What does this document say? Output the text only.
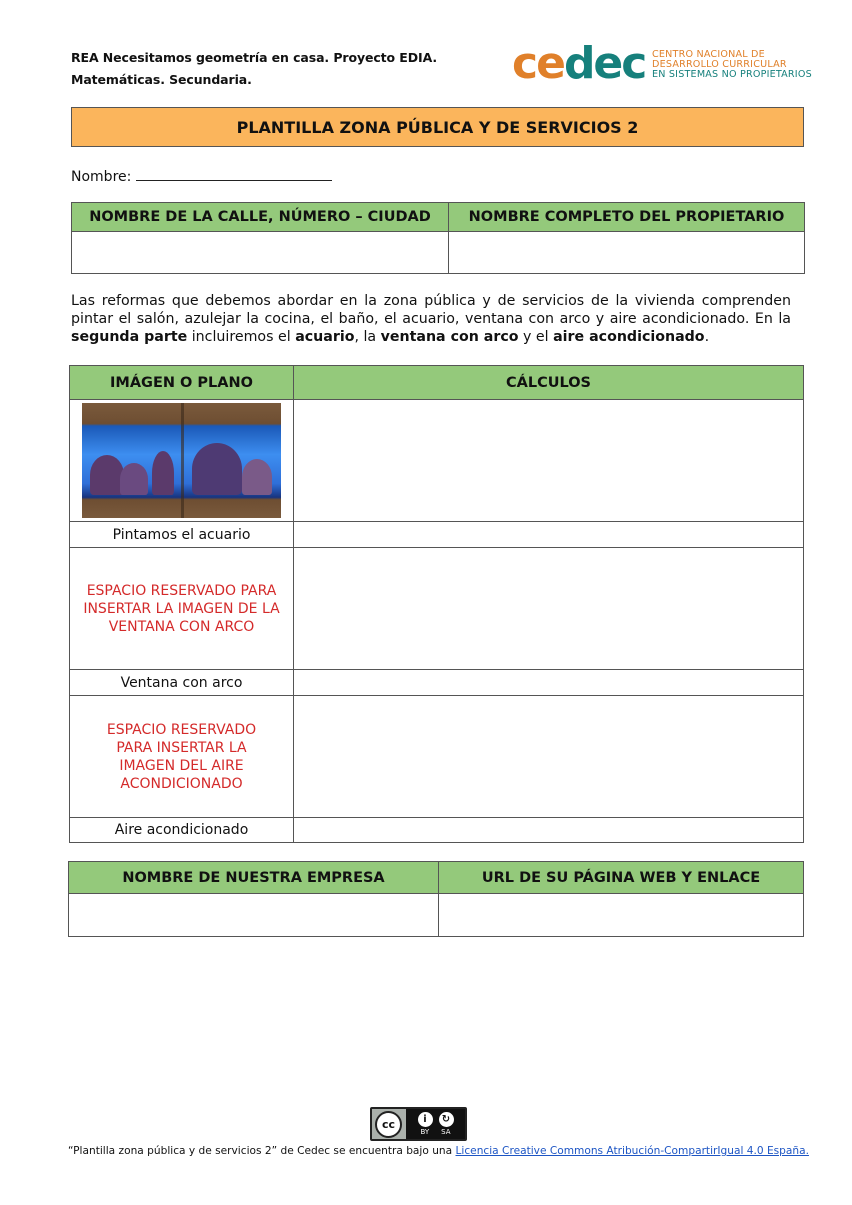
REA Necesitamos geometría en casa. Proyecto EDIA.
Matemáticas. Secundaria.	cedec CENTRO NACIONAL DE
DESARROLLO CURRICULAR
EN SISTEMAS NO PROPIETARIOS
PLANTILLA ZONA PÚBLICA Y DE SERVICIOS 2
Nombre:
NOMBRE DE LA CALLE, NÚMERO – CIUDAD	NOMBRE COMPLETO DEL PROPIETARIO

Las reformas que debemos abordar en la zona pública y de servicios de la vivienda comprenden pintar el salón, azulejar la cocina, el baño, el acuario, ventana con arco y aire acondicionado. En la segunda parte incluiremos el acuario, la ventana con arco y el aire acondicionado.

IMÁGEN O PLANO	CÁLCULOS

Pintamos el acuario	
ESPACIO RESERVADO PARA INSERTAR LA IMAGEN DE LA VENTANA CON ARCO	
Ventana con arco	
ESPACIO RESERVADO PARA INSERTAR LA IMAGEN DEL AIRE ACONDICIONADO	
Aire acondicionado	
NOMBRE DE NUESTRA EMPRESA	URL DE SU PÁGINA WEB Y ENLACE

cc	i	↻
BY SA
“Plantilla zona pública y de servicios 2” de Cedec se encuentra bajo una Licencia Creative Commons Atribución-CompartirIgual 4.0 España.
